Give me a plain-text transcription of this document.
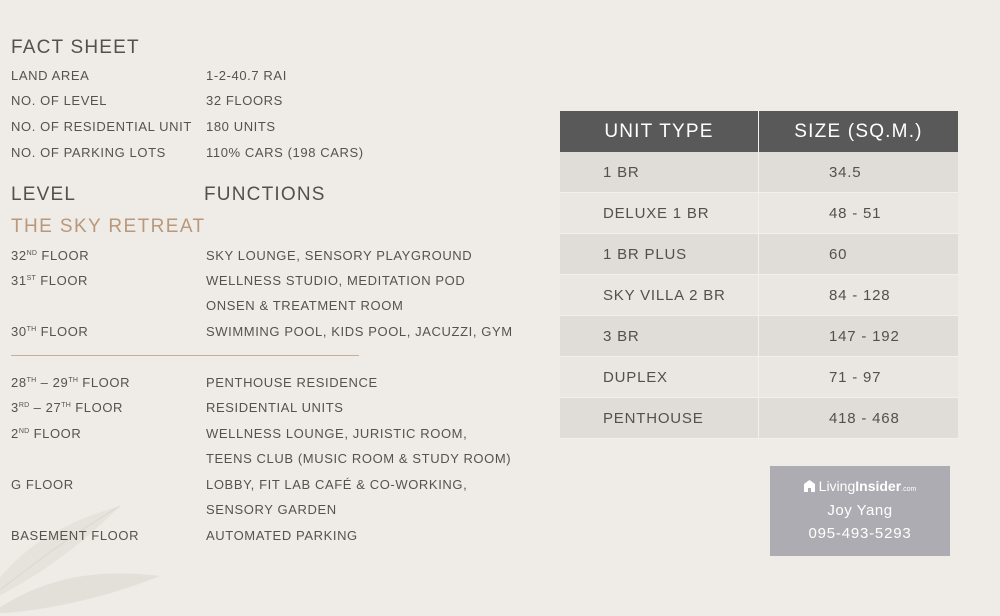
FACT SHEET
LAND AREA	1-2-40.7 RAI
NO. OF LEVEL	32 FLOORS
NO. OF RESIDENTIAL UNIT 180 UNITS
NO. OF PARKING LOTS	110% CARS (198 CARS)
LEVEL	FUNCTIONS
THE SKY RETREAT
32ND FLOOR	SKY LOUNGE, SENSORY PLAYGROUND
31ST FLOOR	WELLNESS STUDIO, MEDITATION POD
ONSEN & TREATMENT ROOM
30TH FLOOR	SWIMMING POOL, KIDS POOL, JACUZZI, GYM
28TH – 29TH FLOOR	PENTHOUSE RESIDENCE
3RD – 27TH FLOOR	RESIDENTIAL UNITS
2ND FLOOR	WELLNESS LOUNGE, JURISTIC ROOM,
TEENS CLUB (MUSIC ROOM & STUDY ROOM)
G FLOOR	LOBBY, FIT LAB CAFÉ & CO-WORKING,
SENSORY GARDEN
BASEMENT FLOOR	AUTOMATED PARKING
UNIT TYPE	SIZE (SQ.M.)
1 BR	34.5
DELUXE 1 BR	48 - 51
1 BR PLUS	60
SKY VILLA 2 BR	84 - 128
3 BR	147 - 192
DUPLEX	71 - 97
PENTHOUSE	418 - 468
LivingInsider.com
Joy Yang
095-493-5293
